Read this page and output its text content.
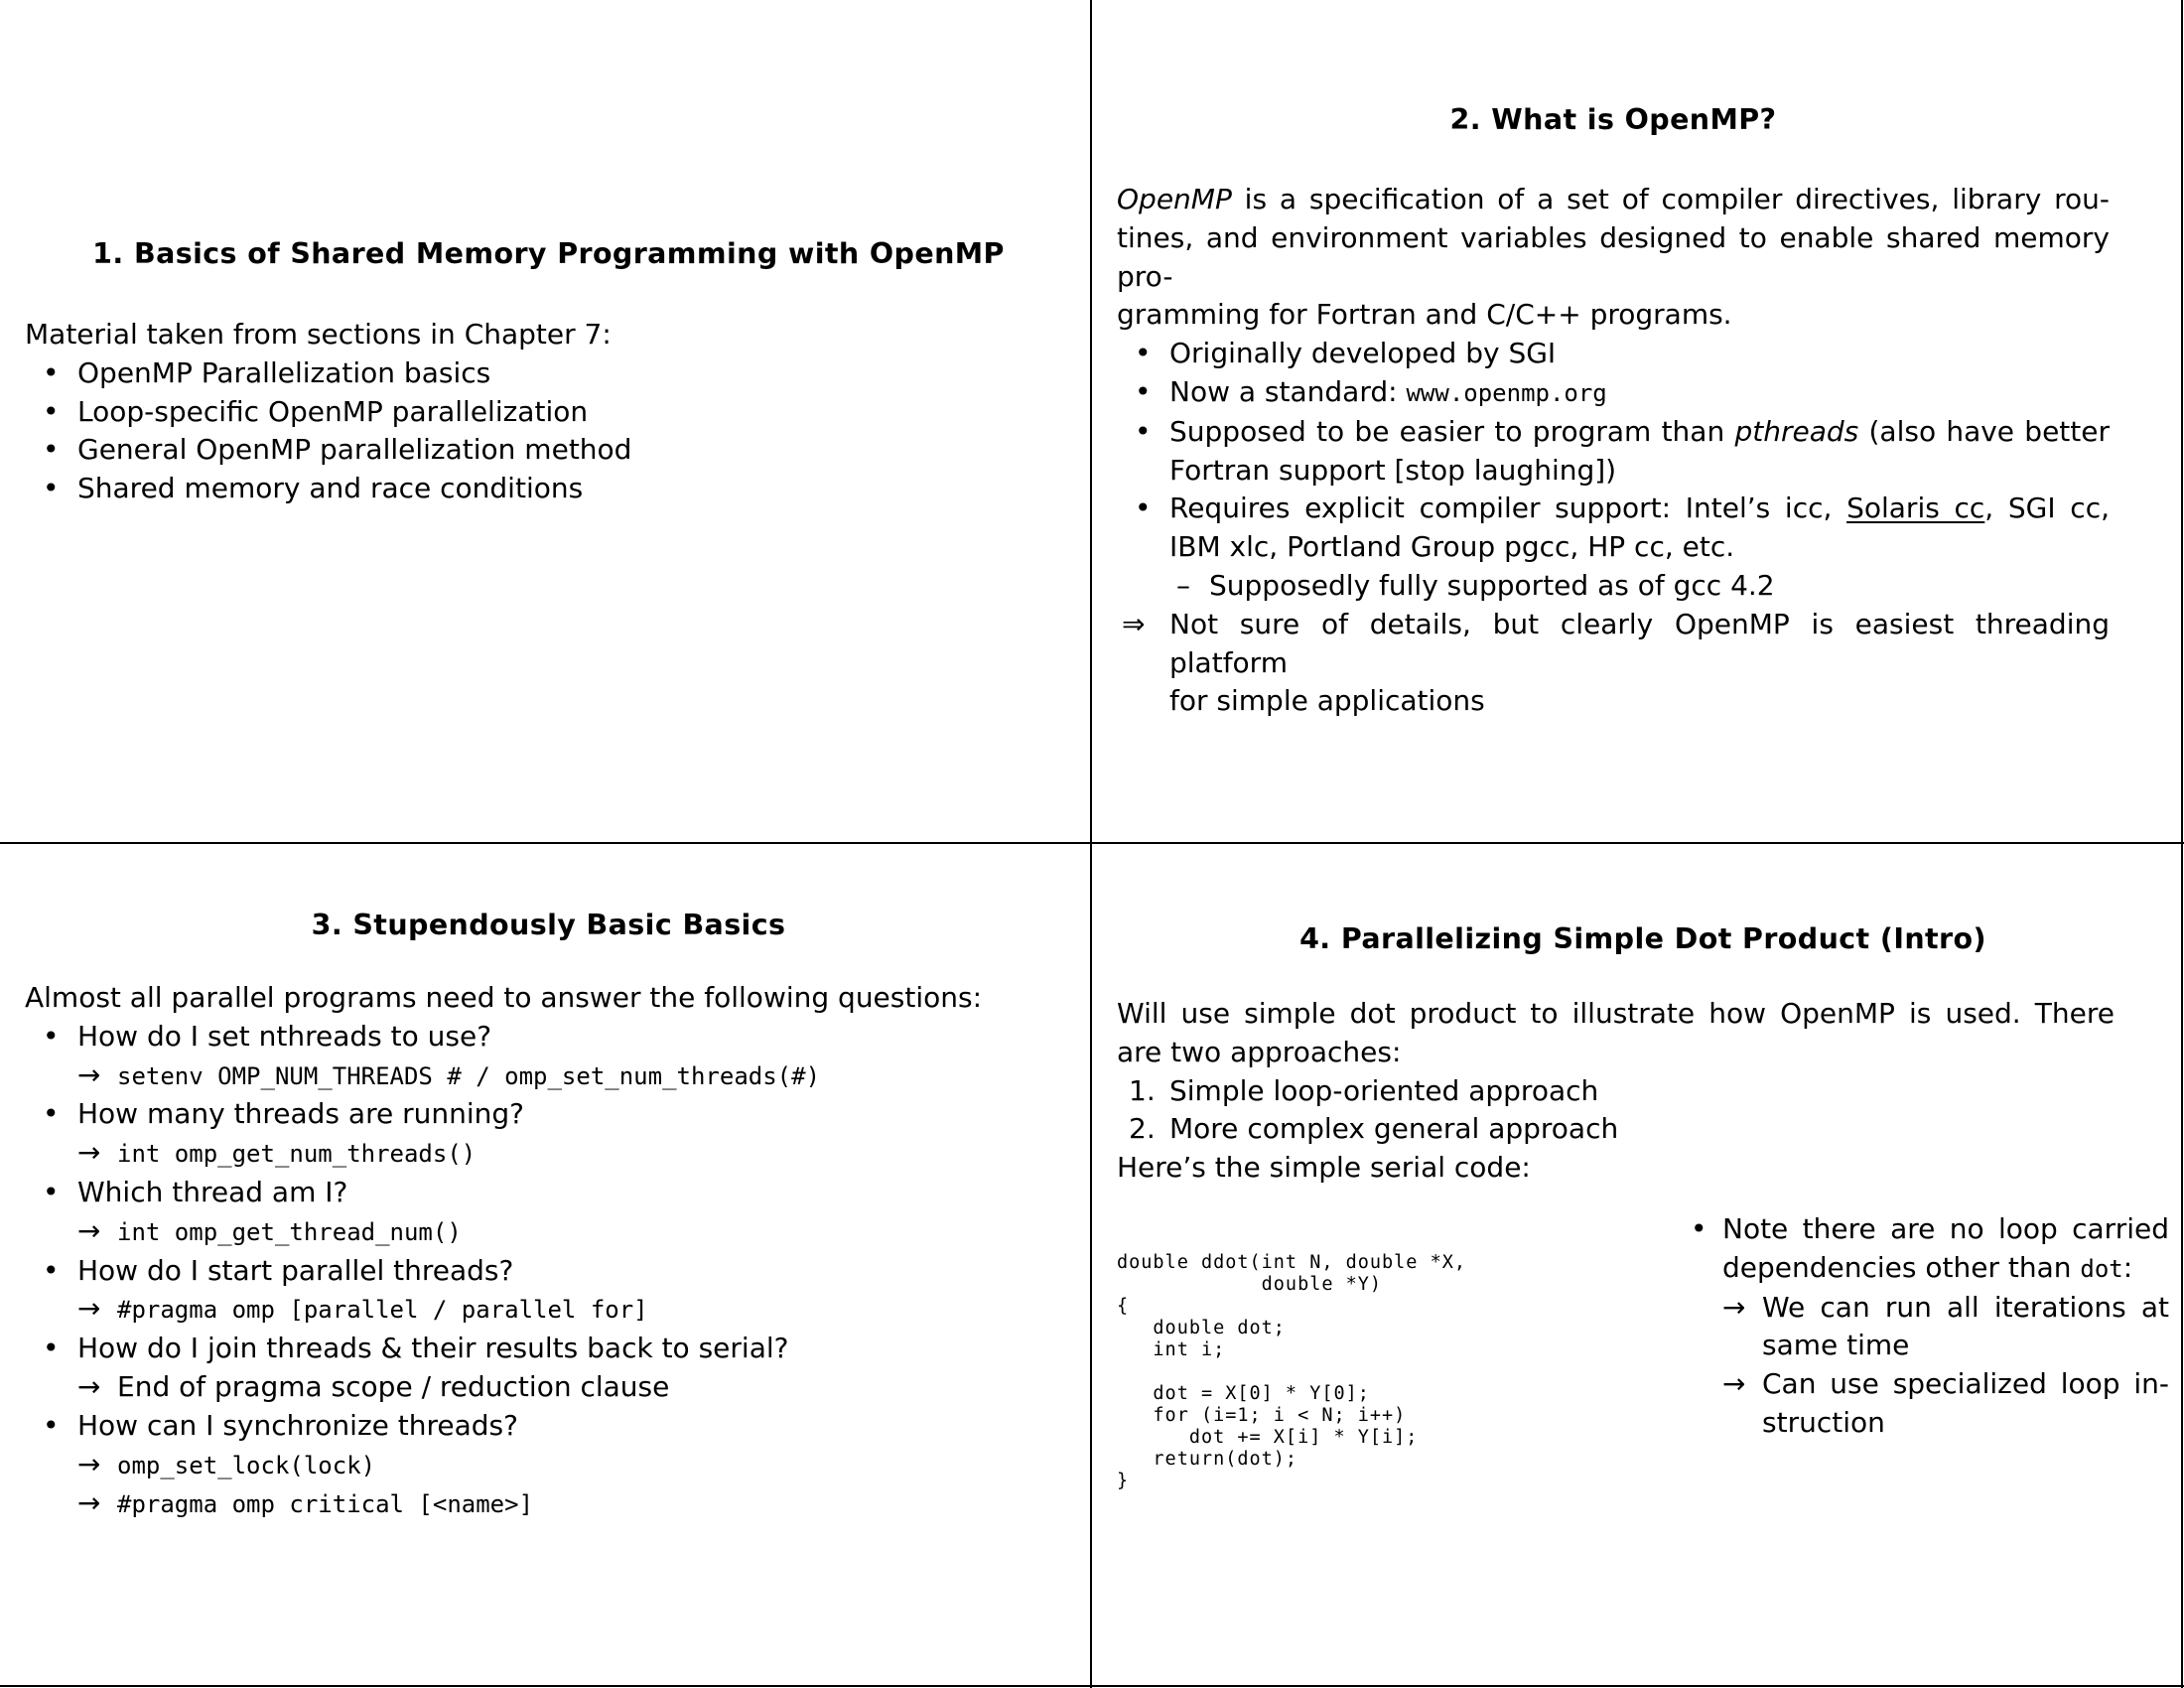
1. Basics of Shared Memory Programming with OpenMP
Material taken from sections in Chapter 7:
• OpenMP Parallelization basics
• Loop-specific OpenMP parallelization
• General OpenMP parallelization method
• Shared memory and race conditions
2. What is OpenMP?
OpenMP is a specification of a set of compiler directives, library rou-
tines, and environment variables designed to enable shared memory pro-
gramming for Fortran and C/C++ programs.
• Originally developed by SGI
• Now a standard: www.openmp.org
• Supposed to be easier to program than pthreads (also have better
Fortran support [stop laughing])
• Requires explicit compiler support: Intel’s icc, Solaris cc, SGI cc,
IBM xlc, Portland Group pgcc, HP cc, etc.
– Supposedly fully supported as of gcc 4.2
⇒ Not sure of details, but clearly OpenMP is easiest threading platform
for simple applications
3. Stupendously Basic Basics
Almost all parallel programs need to answer the following questions:
• How do I set nthreads to use?
→ setenv OMP_NUM_THREADS # / omp_set_num_threads(#)
• How many threads are running?
→ int omp_get_num_threads()
• Which thread am I?
→ int omp_get_thread_num()
• How do I start parallel threads?
→ #pragma omp [parallel / parallel for]
• How do I join threads & their results back to serial?
→ End of pragma scope / reduction clause
• How can I synchronize threads?
→ omp_set_lock(lock)
→ #pragma omp critical [<name>]
4. Parallelizing Simple Dot Product (Intro)
Will use simple dot product to illustrate how OpenMP is used. There
are two approaches:
1. Simple loop-oriented approach
2. More complex general approach
Here’s the simple serial code:
double ddot(int N, double *X,
double *Y)
{
double dot;
int i;

dot = X[0] * Y[0];
for (i=1; i < N; i++)
dot += X[i] * Y[i];
return(dot);
}
• Note there are no loop carried
dependencies other than dot:
→ We can run all iterations at
same time
→ Can use specialized loop in-
struction
